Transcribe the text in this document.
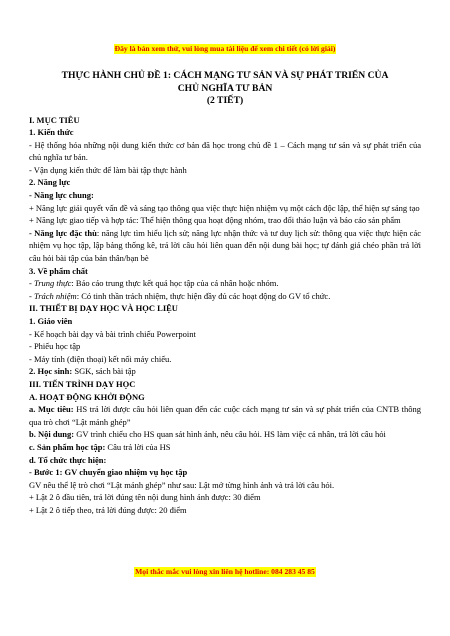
Đây là bản xem thử, vui lòng mua tài liệu để xem chi tiết (có lời giải)
THỰC HÀNH CHỦ ĐỀ 1: CÁCH MẠNG TƯ SẢN VÀ SỰ PHÁT TRIỂN CỦA
CHỦ NGHĨA TƯ BẢN
(2 TIẾT)

I. MỤC TIÊU

1. Kiến thức

- Hệ thống hóa những nội dung kiến thức cơ bản đã học trong chủ đề 1 – Cách mạng tư sản và sự phát triển của chủ nghĩa tư bản.

- Vận dụng kiến thức để làm bài tập thực hành

2. Năng lực

- Năng lực chung:

+ Năng lực giải quyết vấn đề và sáng tạo thông qua việc thực hiện nhiệm vụ một cách độc lập, thể hiện sự sáng tạo

+ Năng lực giao tiếp và hợp tác: Thể hiện thông qua hoạt động nhóm, trao đổi thảo luận và báo cáo sản phẩm

- Năng lực đặc thù: năng lực tìm hiểu lịch sử; năng lực nhận thức và tư duy lịch sử: thông qua việc thực hiện các nhiệm vụ học tập, lập bảng thống kê, trả lời câu hỏi liên quan đến nội dung bài học; tự đánh giá chéo phần trả lời câu hỏi bài tập của bản thân/bạn bè

3. Về phẩm chất

- Trung thực: Báo cáo trung thực kết quả học tập của cá nhân hoặc nhóm.

- Trách nhiệm: Có tinh thần trách nhiệm, thực hiện đầy đủ các hoạt động do GV tổ chức.

II. THIẾT BỊ DẠY HỌC VÀ HỌC LIỆU

1. Giáo viên

- Kế hoạch bài dạy và bài trình chiếu Powerpoint

- Phiếu học tập

- Máy tính (điện thoại) kết nối máy chiếu.

2. Học sinh: SGK, sách bài tập

III. TIẾN TRÌNH DẠY HỌC

A. HOẠT ĐỘNG KHỞI ĐỘNG

a. Mục tiêu: HS trả lời được câu hỏi liên quan đến các cuộc cách mạng tư sản và sự phát triển của CNTB thông qua trò chơi “Lật mảnh ghép”

b. Nội dung: GV trình chiếu cho HS quan sát hình ảnh, nêu câu hỏi. HS làm việc cá nhân, trả lời câu hỏi

c. Sản phẩm học tập: Câu trả lời của HS

d. Tổ chức thực hiện:

- Bước 1: GV chuyển giao nhiệm vụ học tập

GV nêu thể lệ trò chơi “Lật mảnh ghép” như sau: Lật mở từng hình ảnh và trả lời câu hỏi.

+ Lật 2 ô đầu tiên, trả lời đúng tên nội dung hình ảnh được: 30 điểm

+ Lật 2 ô tiếp theo, trả lời đúng được: 20 điểm

Mọi thắc mắc vui lòng xin liên hệ hotline: 084 283 45 85
